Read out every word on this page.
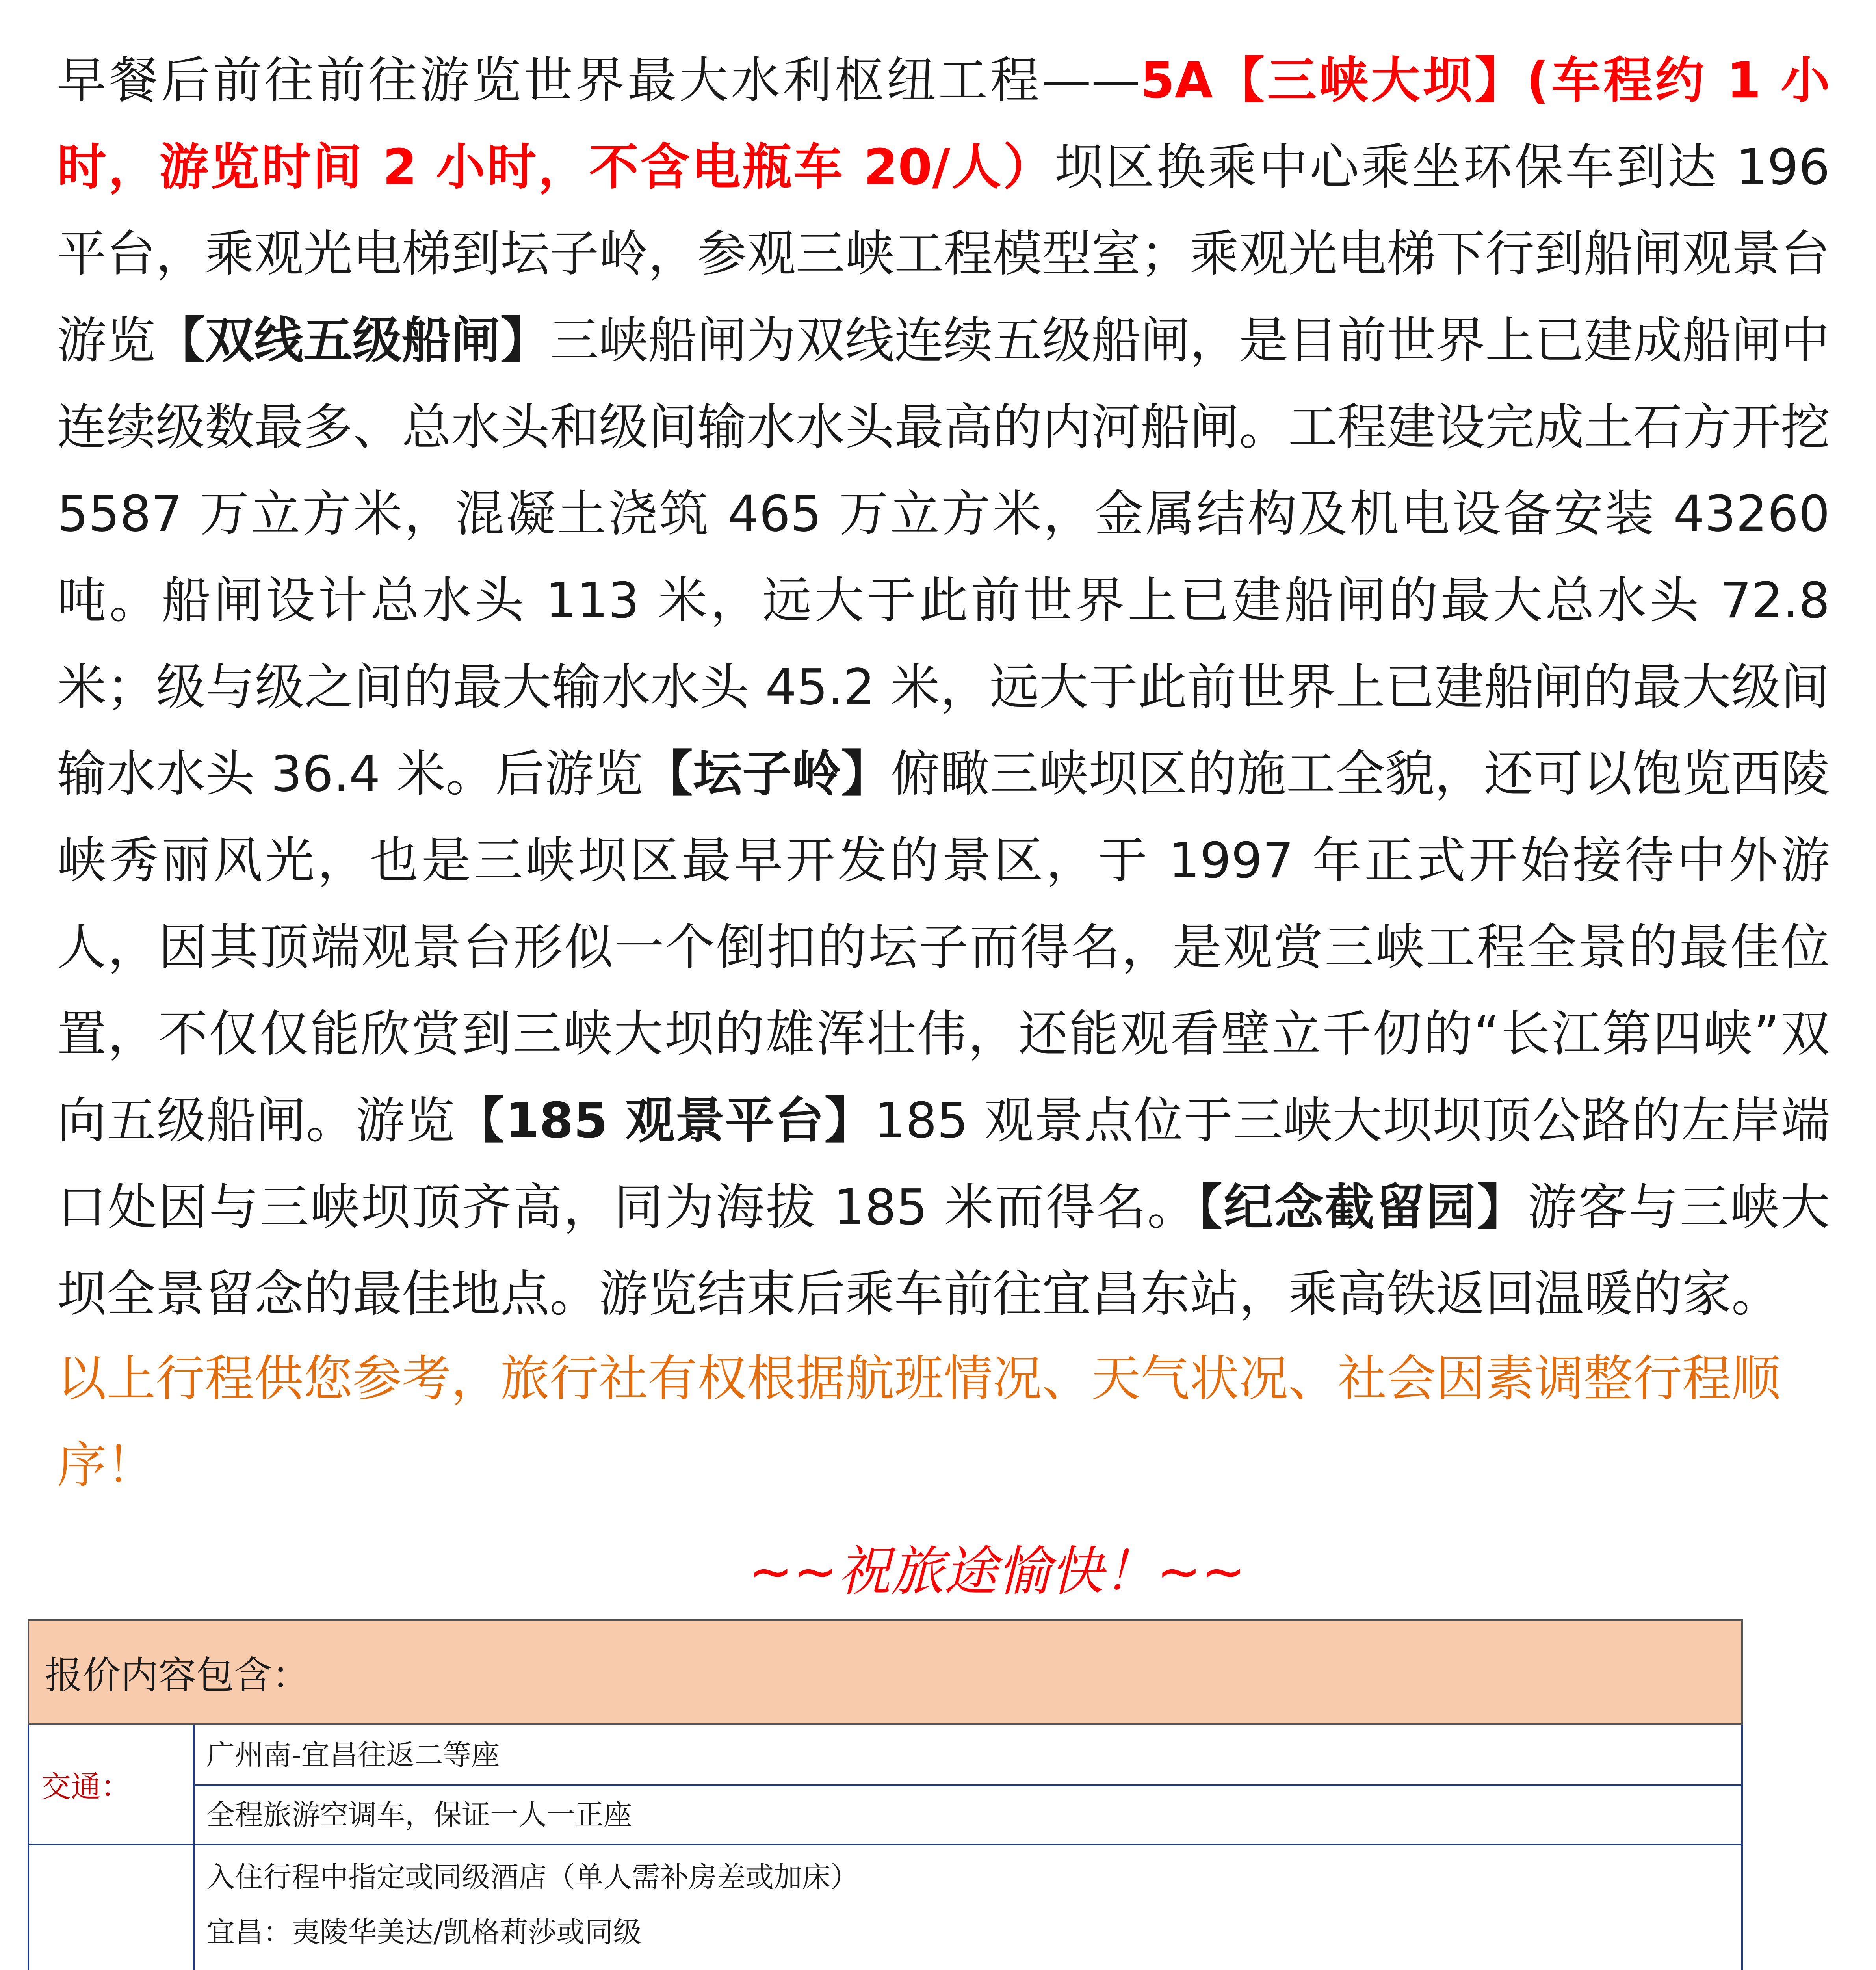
早餐后前往前往游览世界最大水利枢纽工程——5A【三峡大坝】(车程约 1 小时，游览时间 2 小时，不含电瓶车 20/人）坝区换乘中心乘坐环保车到达 196 平台，乘观光电梯到坛子岭，参观三峡工程模型室；乘观光电梯下行到船闸观景台游览【双线五级船闸】三峡船闸为双线连续五级船闸，是目前世界上已建成船闸中连续级数最多、总水头和级间输水水头最高的内河船闸。工程建设完成土石方开挖 5587 万立方米，混凝土浇筑 465 万立方米，金属结构及机电设备安装 43260 吨。船闸设计总水头 113 米，远大于此前世界上已建船闸的最大总水头 72.8 米；级与级之间的最大输水水头 45.2 米，远大于此前世界上已建船闸的最大级间输水水头 36.4 米。后游览【坛子岭】俯瞰三峡坝区的施工全貌，还可以饱览西陵峡秀丽风光，也是三峡坝区最早开发的景区，于 1997 年正式开始接待中外游人，因其顶端观景台形似一个倒扣的坛子而得名，是观赏三峡工程全景的最佳位置，不仅仅能欣赏到三峡大坝的雄浑壮伟，还能观看壁立千仞的“长江第四峡”双向五级船闸。游览【185 观景平台】185 观景点位于三峡大坝坝顶公路的左岸端口处因与三峡坝顶齐高，同为海拔 185 米而得名。【纪念截留园】游客与三峡大坝全景留念的最佳地点。游览结束后乘车前往宜昌东站，乘高铁返回温暖的家。
以上行程供您参考，旅行社有权根据航班情况、天气状况、社会因素调整行程顺序！
~~祝旅途愉快！~~
报价内容包含：		
交通：	广州南-宜昌往返二等座	
	全程旅游空调车，保证一人一正座	

入住行程中指定或同级酒店（单人需补房差或加床）
宜昌：夷陵华美达/凯格莉莎或同级	
